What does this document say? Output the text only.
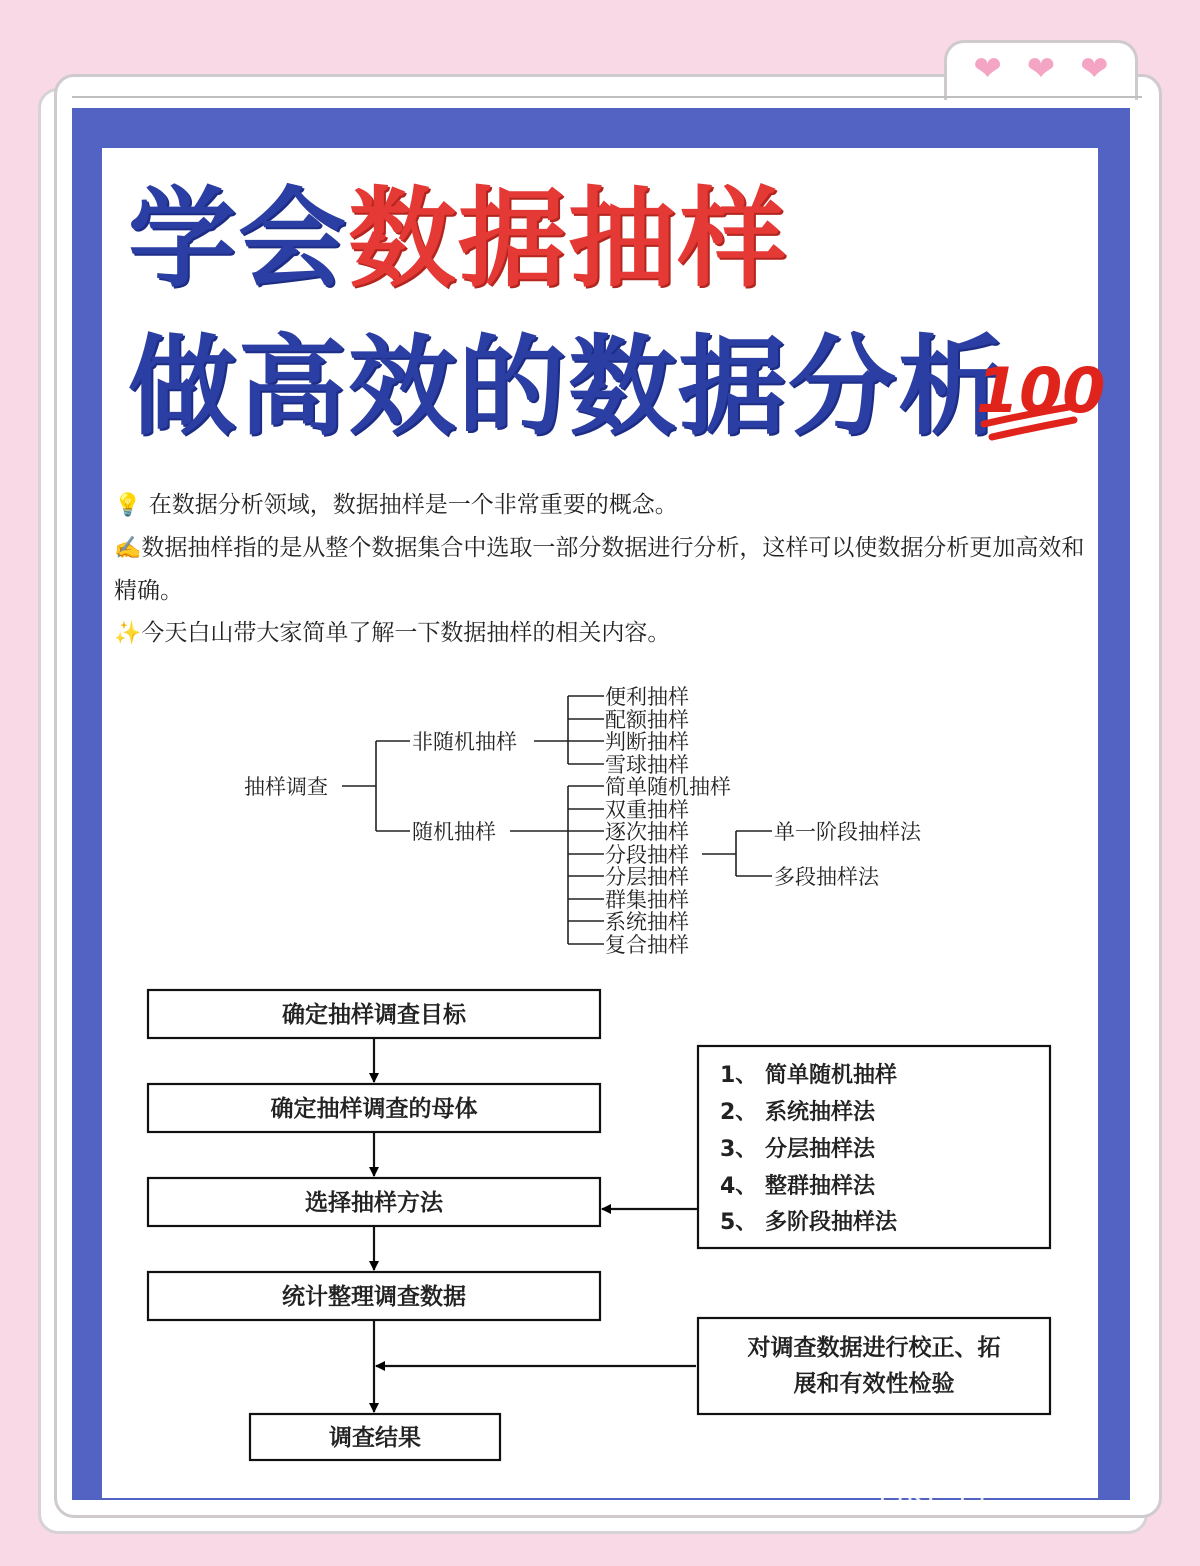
❤ ❤ ❤
学会数据抽样
做高效的数据分析
100

💡 在数据分析领域，数据抽样是一个非常重要的概念。

✍️数据抽样指的是从整个数据集合中选取一部分数据进行分析，这样可以使数据分析更加高效和精确。

✨今天白山带大家简单了解一下数据抽样的相关内容。

抽样调查
非随机抽样
随机抽样
便利抽样
配额抽样
判断抽样
雪球抽样
简单随机抽样
双重抽样
逐次抽样
分段抽样
分层抽样
群集抽样
系统抽样
复合抽样
单一阶段抽样法
多段抽样法
确定抽样调查目标
确定抽样调查的母体
选择抽样方法
统计整理调查数据
调查结果
对调查数据进行校正、拓
展和有效性检验
1、 简单随机抽样
2、 系统抽样法
3、 分层抽样法
4、 整群抽样法
5、 多阶段抽样法
LIKE-Er
